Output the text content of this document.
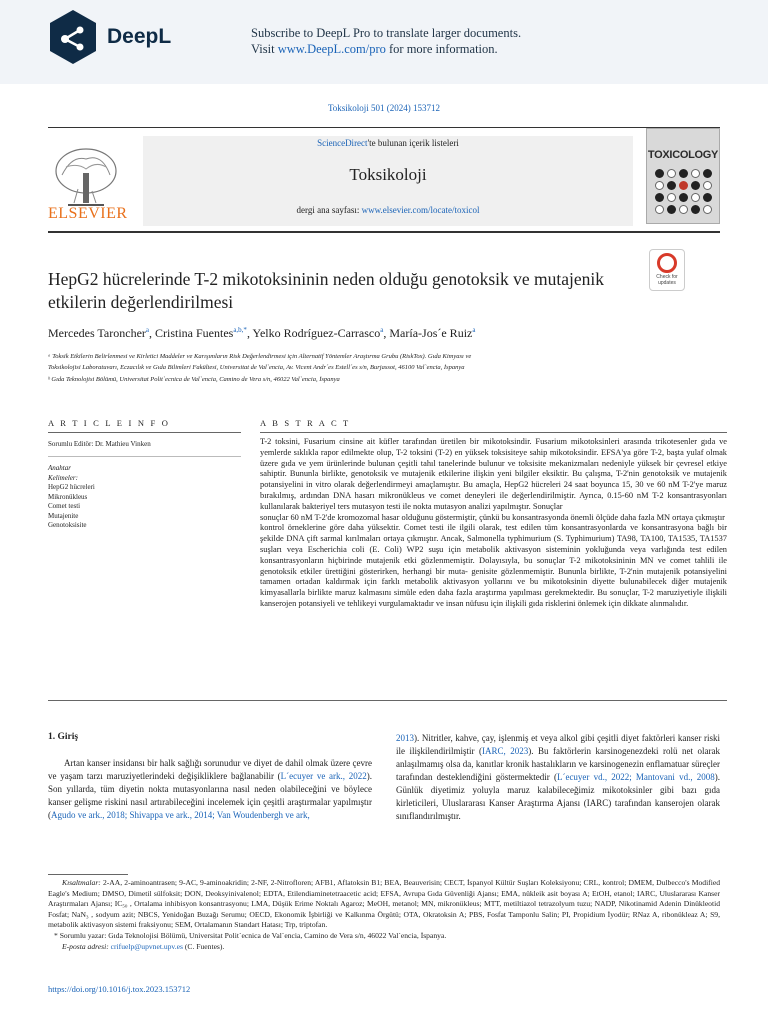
DeepL	Subscribe to DeepL Pro to translate larger documents.
Visit www.DeepL.com/pro for more information.
Toksikoloji 501 (2024) 153712
ELSEVIER
ScienceDirect'te bulunan içerik listeleri
Toksikoloji
dergi ana sayfası: www.elsevier.com/locate/toxicol
TOXICOLOGY
Check for updates
HepG2 hücrelerinde T-2 mikotoksininin neden olduğu genotoksik ve mutajenik etkilerin değerlendirilmesi
Mercedes Taroncher$^a$, Cristina Fuentes$^{a,b,*}$, Yelko Rodríguez-Carrasco$^a$, María-Jos´e Ruiz$^a$
ᵃ Toksik Etkilerin Belirlenmesi ve Kirletici Maddeler ve Karışımların Risk Değerlendirmesi için Alternatif Yöntemler Araştırma Grubu (RiskTox). Gıda Kimyası ve
Toksikolojisi Laboratuvarı, Eczacılık ve Gıda Bilimleri Fakültesi, Universitat de Val`encia, Av. Vicent Andr´es Estell´es s/n, Burjassot, 46100 Val`encia, İspanya
ᵇ Gıda Teknolojisi Bölümü, Universitat Polit`ecnica de Val`encia, Camino de Vera s/n, 46022 Val`encia, İspanya
A R T I C L E I N F O
Sorumlu Editör: Dr. Mathieu Vinken
Anahtar
Kelimeler:
HepG2 hücreleri
Mikronükleus
Comet testi
Mutajenite
Genotoksisite
A B S T R A C T

T-2 toksini, Fusarium cinsine ait küfler tarafından üretilen bir mikotoksindir. Fusarium mikotoksinleri arasında trikotesenler gıda ve yemlerde sıklıkla rapor edilmekte olup, T-2 toksini (T-2) en yüksek toksisiteye sahip mikotoksindir. EFSA'ya göre T-2, başta yulaf olmak üzere gıda ve yem ürünlerinde bulunan çeşitli tahıl tanelerinde bulunur ve toksisite mekanizmaları nedeniyle yüksek bir çevresel etkiye sahiptir. Bununla birlikte, genotoksik ve mutajenik etkilerine ilişkin yeni bilgiler eksiktir. Bu çalışma, T-2'nin genotoksik ve mutajenik potansiyelini in vitro olarak değerlendirmeyi amaçlamıştır. Bu amaçla, HepG2 hücreleri 24 saat boyunca 15, 30 ve 60 nM T-2'ye maruz bırakılmış, ardından DNA hasarı mikronükleus ve comet deneyleri ile değerlendirilmiştir. Ayrıca, 0.15-60 nM T-2 konsantrasyonları kullanılarak bakteriyel ters mutasyon testi ile nokta mutasyon analizi yapılmıştır. Sonuçlar

sonuçlar 60 nM T-2'de kromozomal hasar olduğunu göstermiştir, çünkü bu konsantrasyonda önemli ölçüde daha fazla MN ortaya çıkmıştır

kontrol örneklerine göre daha yüksektir. Comet testi ile ilgili olarak, test edilen tüm konsantrasyonlarda ve konsantrasyona bağlı bir şekilde DNA çift sarmal kırılmaları ortaya çıkmıştır. Ancak, Salmonella typhimurium (S. Typhimurium) TA98, TA100, TA1535, TA1537 suşları veya Escherichia coli (E. Coli) WP2 suşu için metabolik aktivasyon sisteminin yokluğunda veya varlığında test edilen konsantrasyonların hiçbirinde mutajenik etki gözlenmemiştir. Dolayısıyla, bu sonuçlar T-2 mikotoksininin MN ve comet tahlili ile genotoksik etkiler ürettiğini gösterirken, herhangi bir muta- genisite gözlenmemiştir. Bununla birlikte, T-2'nin mutajenik potansiyelini tamamen ortadan kaldırmak için farklı metabolik aktivasyon yollarını ve bu mikotoksinin diyette bulunabilecek diğer mutajenik kimyasallarla birlikte maruz kalmasını simüle eden daha fazla araştırma yapılması gerekmektedir. Bu sonuçlar, T-2 maruziyetiyle ilişkili kanserojen potansiyeli ve tehlikeyi vurgulamaktadır ve insan nüfusu için ilişkili gıda risklerini önlemek için dikkate alınmalıdır.

1. Giriş
Artan kanser insidansı bir halk sağlığı sorunudur ve diyet de dahil olmak üzere çevre ve yaşam tarzı maruziyetlerindeki değişikliklere bağlanabilir (L´ecuyer ve ark., 2022). Son yıllarda, tüm diyetin nokta mutasyonlarına nasıl neden olabileceğini ve böylece kanser gelişme riskini nasıl artırabileceğini incelemek için çeşitli araştırmalar yapılmıştır (Agudo ve ark., 2018; Shivappa ve ark., 2014; Van Woudenbergh ve ark,
2013). Nitritler, kahve, çay, işlenmiş et veya alkol gibi çeşitli diyet faktörleri kanser riski ile ilişkilendirilmiştir (IARC, 2023). Bu faktörlerin karsinogenezdeki rolü net olarak anlaşılmamış olsa da, kanıtlar kronik hastalıkların ve karsinogenezin enflamatuar süreçler tarafından desteklendiğini göstermektedir (L´ecuyer vd., 2022; Mantovani vd., 2008). Günlük diyetimiz yoluyla maruz kalabileceğimiz mikotoksinler gibi bazı gıda kirleticileri, Uluslararası Kanser Araştırma Ajansı (IARC) tarafından kanserojen olarak sınıflandırılmıştır.
Kısaltmalar: 2-AA, 2-aminoantrasen; 9-AC, 9-aminoakridin; 2-NF, 2-Nitrofloren; AFB1, Aflatoksin B1; BEA, Beauverisin; CECT, İspanyol Kültür Suşları Koleksiyonu; CRL, kontrol; DMEM, Dulbecco's Modified Eagle's Medium; DMSO, Dimetil sülfoksit; DON, Deoksyinivalenol; EDTA, Etilendiaminetetraacetic acid; EFSA, Avrupa Gıda Güvenliği Ajansı; EMA, nükleik asit boyası A; EtOH, etanol; IARC, Uluslararası Kanser Araştırmaları Ajansı; IC₅₀ , Ortalama inhibisyon konsantrasyonu; LMA, Düşük Erime Noktalı Agaroz; MeOH, metanol; MN, mikronükleus; MTT, metiltiazol tetrazolyum tuzu; NADP, Nikotinamid Adenin Dinükleotid Fosfat; NaN₃ , sodyum azit; NBCS, Yenidoğan Buzağı Serumu; OECD, Ekonomik İşbirliği ve Kalkınma Örgütü; OTA, Okratoksin A; PBS, Fosfat Tamponlu Salin; PI, Propidium İyodür; RNaz A, ribonükleaz A; S9, metabolik aktivasyon sistemi fraksiyonu; SEM, Ortalamanın Standart Hatası; Trp, triptofan.
* Sorumlu yazar: Gıda Teknolojisi Bölümü, Universitat Polit`ecnica de Val`encia, Camino de Vera s/n, 46022 Val`encia, İspanya.
E-posta adresi: crifuelp@upvnet.upv.es (C. Fuentes).
https://doi.org/10.1016/j.tox.2023.153712
